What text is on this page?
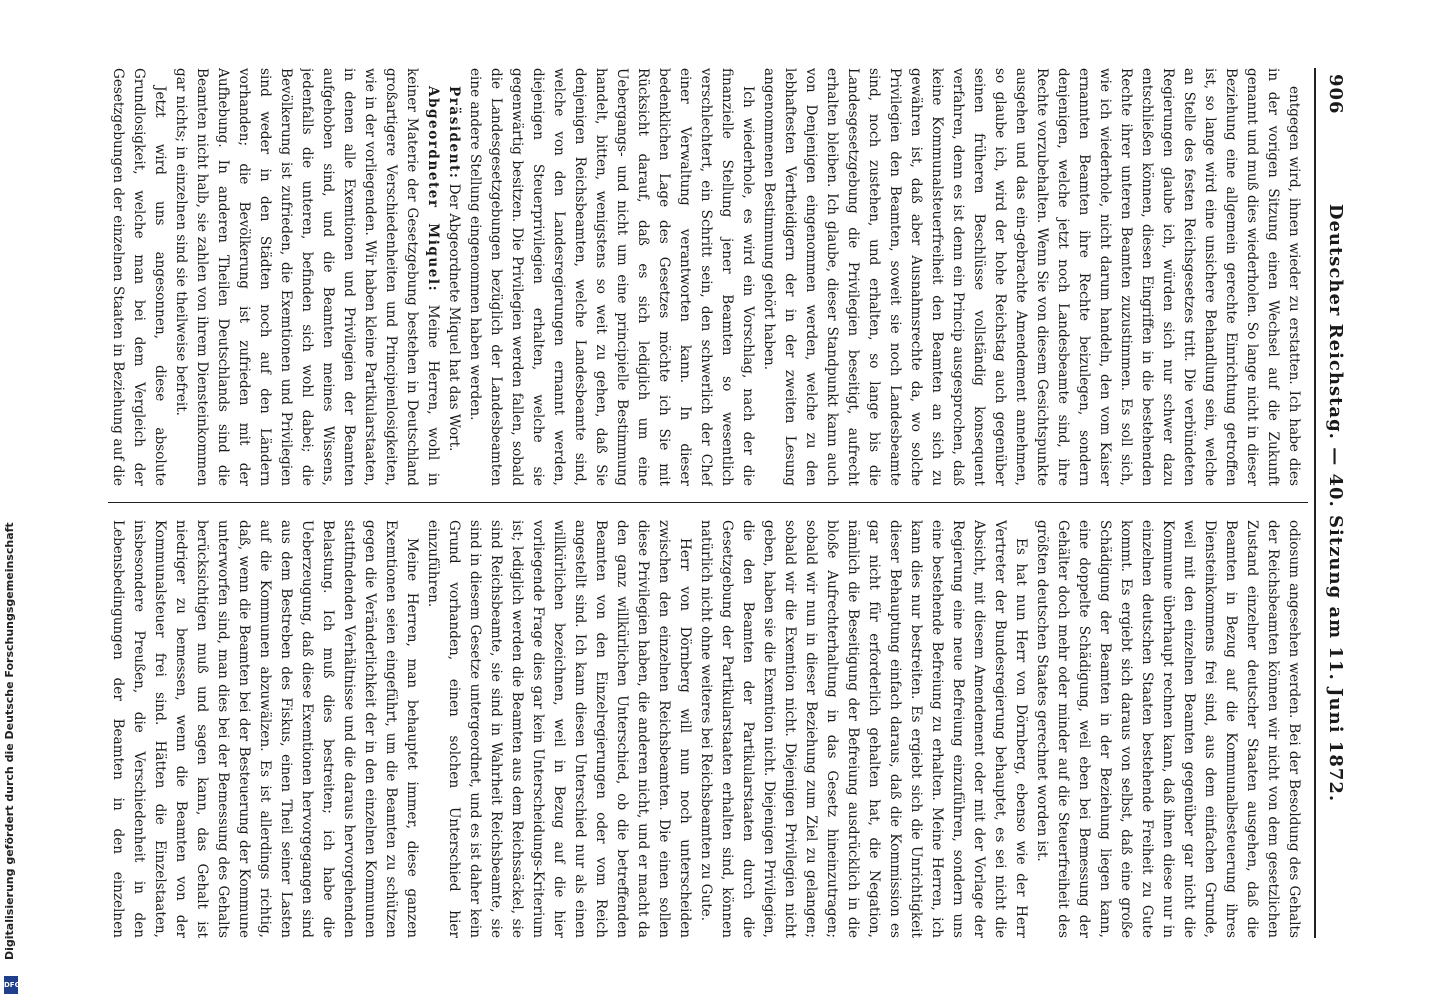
Digitalisierung gefördert durch die Deutsche Forschungsgemeinschaft
DFG
906
Deutscher Reichstag. — 40. Sitzung am 11. Juni 1872.

entgegen wird, ihnen wieder zu erstatten. Ich habe dies in der vorigen Sitzung einen Wechsel auf die Zukunft genannt und muß dies wiederholen. So lange nicht in dieser Beziehung eine allgemein gerechte Einrichtung getroffen ist, so lange wird eine unsichere Behandlung sein, welche an Stelle des festen Reichsgesetzes tritt. Die verbündeten Regierungen glaube ich, würden sich nur schwer dazu entschließen können, diesen Eingriffen in die bestehenden Rechte ihrer unteren Beamten zuzustimmen. Es soll sich, wie ich wiederhole, nicht darum handeln, den vom Kaiser ernannten Beamten ihre Rechte beizulegen, sondern denjenigen, welche jetzt noch Landesbeamte sind, ihre Rechte vorzubehalten. Wenn Sie von diesem Gesichtspunkte ausgehen und das ein-gebrachte Amendement annehmen, so glaube ich, wird der hohe Reichstag auch gegenüber seinen früheren Beschlüsse vollständig konsequent verfahren, denn es ist denn ein Princip ausgesprochen, daß keine Kommunalsteuerfreiheit den Beamten an sich zu gewähren ist, daß aber Ausnahmsrechte da, wo solche Privilegien den Beamten, soweit sie noch Landesbeamte sind, noch zustehen, und erhalten, so lange bis die Landesgesetzgebung die Privilegien beseitigt, aufrecht erhalten bleiben. Ich glaube, dieser Standpunkt kann auch von Denjenigen eingenommen werden, welche zu den lebhaftesten Vertheidigern der in der zweiten Lesung angenommenen Bestimmung gehört haben.

Ich wiederhole, es wird ein Vorschlag, nach der die finanzielle Stellung jener Beamten so wesentlich verschlechtert, ein Schritt sein, den schwerlich der Chef einer Verwaltung verantworten kann. In dieser bedenklichen Lage des Gesetzes möchte ich Sie mit Rücksicht darauf, daß es sich lediglich um eine Uebergangs- und nicht um eine principielle Bestimmung handelt, bitten, wenigstens so weit zu gehen, daß Sie denjenigen Reichsbeamten, welche Landesbeamte sind, welche von den Landesregierungen ernannt werden, diejenigen Steuerprivilegien erhalten, welche sie gegenwärtig besitzen. Die Privilegien werden fallen, sobald die Landesgesetzgebungen bezüglich der Landesbeamten eine andere Stellung eingenommen haben werden.

Präsident: Der Abgeordnete Miquel hat das Wort.

Abgeordneter Miquel: Meine Herren, wohl in keiner Materie der Gesetzgebung bestehen in Deutschland großartigere Verschiedenheiten und Principienlosigkeiten, wie in der vorliegenden. Wir haben kleine Partikularstaaten, in denen alle Exemtionen und Privilegien der Beamten aufgehoben sind, und die Beamten meines Wissens, jedenfalls die unteren, befinden sich wohl dabei; die Bevölkerung ist zufrieden, die Exemtionen und Privilegien sind weder in den Städten noch auf den Ländern vorhanden; die Bevölkerung ist zufrieden mit der Aufhebung. In anderen Theilen Deutschlands sind die Beamten nicht halb, sie zahlen von ihrem Diensteinkommen gar nichts; in einzelnen sind sie theilweise befreit.

Jetzt wird uns angesonnen, diese absolute Grundlosigkeit, welche man bei dem Vergleich der Gesetzgebungen der einzelnen Staaten in Beziehung auf die

odiosum angesehen werden. Bei der Besoldung des Gehalts der Reichsbeamten können wir nicht von dem gesetzlichen Zustand einzelner deutscher Staaten ausgehen, daß die Beamten in Bezug auf die Kommunalbesteuerung ihres Diensteinkommens frei sind, aus dem einfachen Grunde, weil mit den einzelnen Beamten gegenüber gar nicht die Kommune überhaupt rechnen kann, daß ihnen diese nur in einzelnen deutschen Staaten bestehende Freiheit zu Gute kommt. Es ergiebt sich daraus von selbst, daß eine große Schädigung der Beamten in der Beziehung liegen kann, eine doppelte Schädigung, weil eben bei Bemessung der Gehälter doch mehr oder minder auf die Steuerfreiheit des größten deutschen Staates gerechnet worden ist.

Es hat nun Herr von Dörnberg, ebenso wie der Herr Vertreter der Bundesregierung behauptet, es sei nicht die Absicht, mit diesem Amendement oder mit der Vorlage der Regierung eine neue Befreiung einzuführen, sondern uns eine bestehende Befreiung zu erhalten. Meine Herren, ich kann dies nur bestreiten. Es ergiebt sich die Unrichtigkeit dieser Behauptung einfach daraus, daß die Kommission es gar nicht für erforderlich gehalten hat, die Negation, nämlich die Beseitigung der Befreiung ausdrücklich in die bloße Aufrechterhaltung in das Gesetz hineinzutragen; sobald wir nun in dieser Beziehung zum Ziel zu gelangen; sobald wir die Exemtion nicht. Diejenigen Privilegien nicht geben, haben sie die Exemtion nicht. Diejenigen Privilegien, die den Beamten der Partikularstaaten durch die Gesetzgebung der Partikularstaaten erhalten sind, können natürlich nicht ohne weiteres bei Reichsbeamten zu Gute.

Herr von Dörnberg will nun noch unterscheiden zwischen den einzelnen Reichsbeamten. Die einen sollen diese Privilegien haben, die anderen nicht, und er macht da den ganz willkürlichen Unterschied, ob die betreffenden Beamten von den Einzelregierungen oder vom Reich angestellt sind. Ich kann diesen Unterschied nur als einen willkürlichen bezeichnen, weil in Bezug auf die hier vorliegende Frage dies gar kein Unterscheidungs-Kriterium ist; lediglich werden die Beamten aus dem Reichssäckel, sie sind Reichsbeamte, sie sind in Wahrheit Reichsbeamte, sie sind in diesem Gesetze untergeordnet, und es ist daher kein Grund vorhanden, einen solchen Unterschied hier einzuführen.

Meine Herren, man behauptet immer, diese ganzen Exemtionen seien eingeführt, um die Beamten zu schützen gegen die Veränderlichkeit der in den einzelnen Kommunen stattfindenden Verhältnisse und die daraus hervorgehenden Belastung. Ich muß dies bestreiten; ich habe die Ueberzeugung, daß diese Exemtionen hervorgegangen sind aus dem Bestreben des Fiskus, einen Theil seiner Lasten auf die Kommunen abzuwälzen. Es ist allerdings richtig, daß, wenn die Beamten bei der Besteuerung der Kommune unterworfen sind, man dies bei der Bemessung des Gehalts berücksichtigen muß und sagen kann, das Gehalt ist niedriger zu bemessen, wenn die Beamten von der Kommunalsteuer frei sind. Hätten die Einzelstaaten, insbesondere Preußen, die Verschiedenheit in den Lebensbedingungen der Beamten in den einzelnen
